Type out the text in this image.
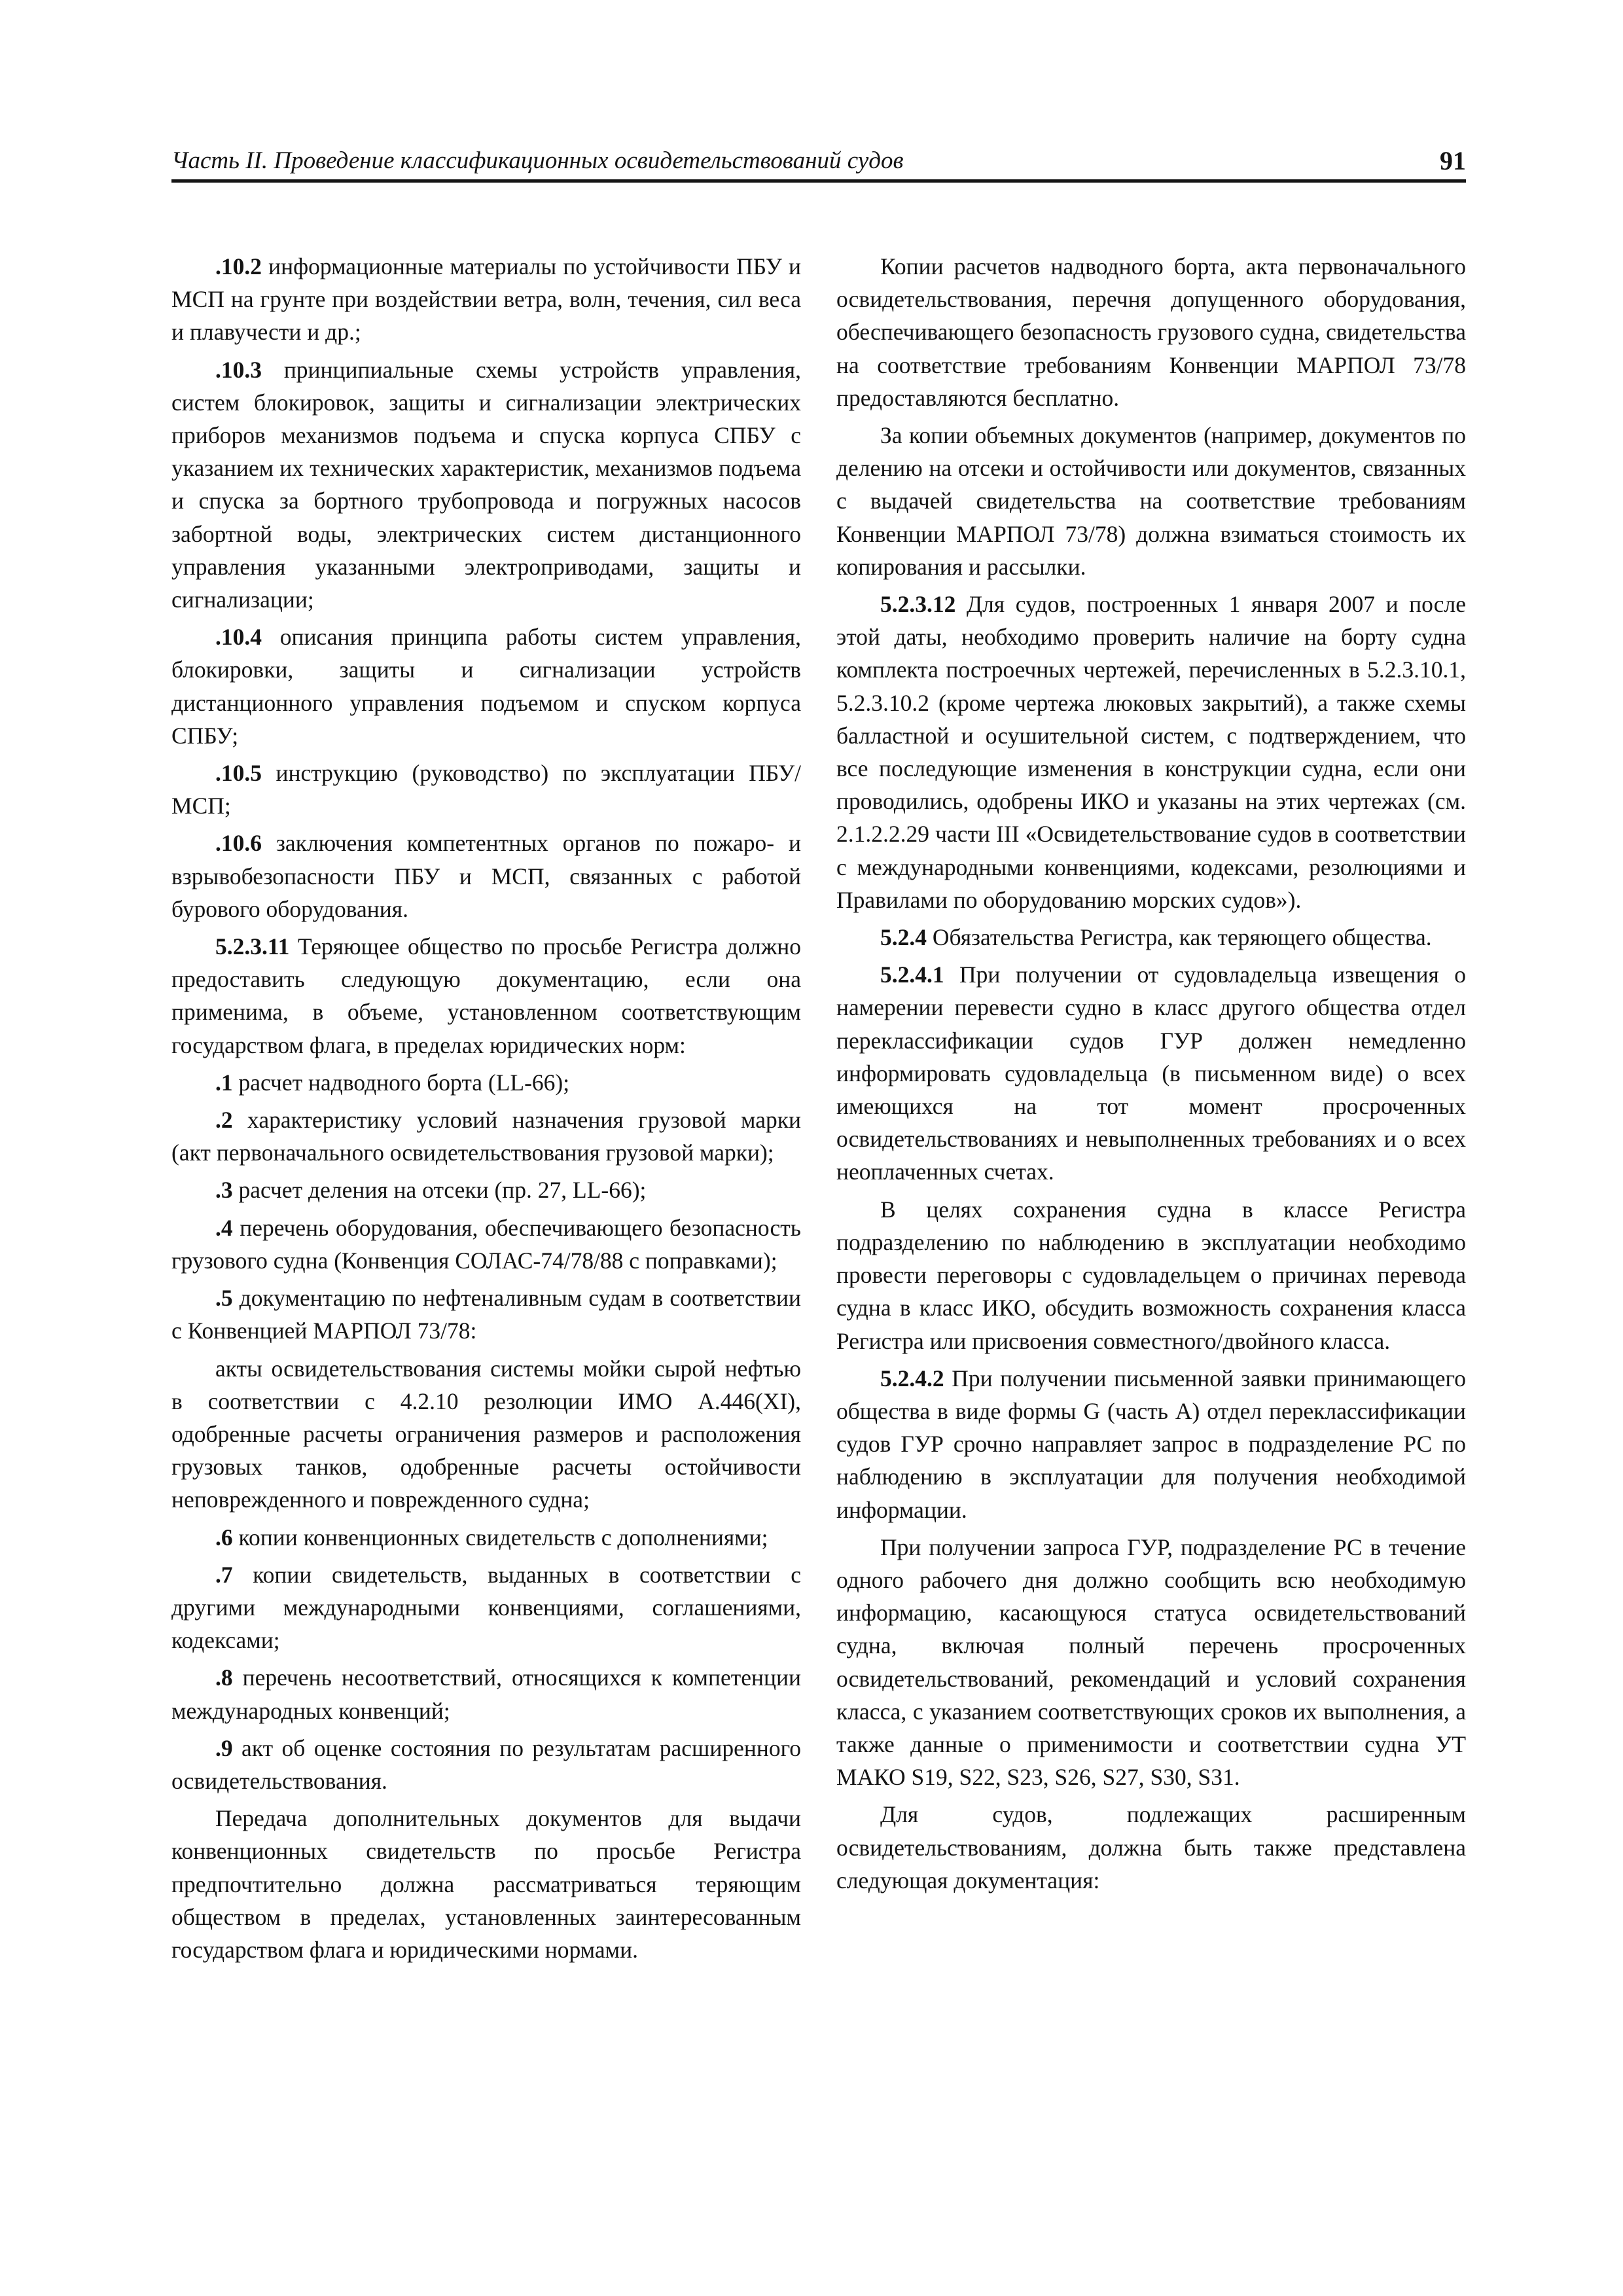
Часть II. Проведение классификационных освидетельствований судов	91

.10.2 информационные материалы по устойчивости ПБУ и МСП на грунте при воздействии ветра, волн, течения, сил веса и плавучести и др.;

.10.3 принципиальные схемы устройств управления, систем блокировок, защиты и сигнализации электрических приборов механизмов подъема и спуска корпуса СПБУ с указанием их технических характеристик, механизмов подъема и спуска за бортного трубопровода и погружных насосов забортной воды, электрических систем дистанционного управления указанными электроприводами, защиты и сигнализации;

.10.4 описания принципа работы систем управления, блокировки, защиты и сигнализации устройств дистанционного управления подъемом и спуском корпуса СПБУ;

.10.5 инструкцию (руководство) по эксплуатации ПБУ/МСП;

.10.6 заключения компетентных органов по пожаро- и взрывобезопасности ПБУ и МСП, связанных с работой бурового оборудования.

5.2.3.11 Теряющее общество по просьбе Регистра должно предоставить следующую документацию, если она применима, в объеме, установленном соответствующим государством флага, в пределах юридических норм:

.1 расчет надводного борта (LL-66);

.2 характеристику условий назначения грузовой марки (акт первоначального освидетельствования грузовой марки);

.3 расчет деления на отсеки (пр. 27, LL-66);

.4 перечень оборудования, обеспечивающего безопасность грузового судна (Конвенция СОЛАС-74/78/88 с поправками);

.5 документацию по нефтеналивным судам в соответствии с Конвенцией МАРПОЛ 73/78:

акты освидетельствования системы мойки сырой нефтью в соответствии с 4.2.10 резолюции ИМО А.446(XI), одобренные расчеты ограничения размеров и расположения грузовых танков, одобренные расчеты остойчивости неповрежденного и поврежденного судна;

.6 копии конвенционных свидетельств с дополнениями;

.7 копии свидетельств, выданных в соответствии с другими международными конвенциями, соглашениями, кодексами;

.8 перечень несоответствий, относящихся к компетенции международных конвенций;

.9 акт об оценке состояния по результатам расширенного освидетельствования.

Передача дополнительных документов для выдачи конвенционных свидетельств по просьбе Регистра предпочтительно должна рассматриваться теряющим обществом в пределах, установленных заинтересованным государством флага и юридическими нормами.

Копии расчетов надводного борта, акта первоначального освидетельствования, перечня допущенного оборудования, обеспечивающего безопасность грузового судна, свидетельства на соответствие требованиям Конвенции МАРПОЛ 73/78 предоставляются бесплатно.

За копии объемных документов (например, документов по делению на отсеки и остойчивости или документов, связанных с выдачей свидетельства на соответствие требованиям Конвенции МАРПОЛ 73/78) должна взиматься стоимость их копирования и рассылки.

5.2.3.12 Для судов, построенных 1 января 2007 и после этой даты, необходимо проверить наличие на борту судна комплекта построечных чертежей, перечисленных в 5.2.3.10.1, 5.2.3.10.2 (кроме чертежа люковых закрытий), а также схемы балластной и осушительной систем, с подтверждением, что все последующие изменения в конструкции судна, если они проводились, одобрены ИКО и указаны на этих чертежах (см. 2.1.2.2.29 части III «Освидетельствование судов в соответствии с международными конвенциями, кодексами, резолюциями и Правилами по оборудованию морских судов»).

5.2.4 Обязательства Регистра, как теряющего общества.

5.2.4.1 При получении от судовладельца извещения о намерении перевести судно в класс другого общества отдел переклассификации судов ГУР должен немедленно информировать судовладельца (в письменном виде) о всех имеющихся на тот момент просроченных освидетельствованиях и невыполненных требованиях и о всех неоплаченных счетах.

В целях сохранения судна в классе Регистра подразделению по наблюдению в эксплуатации необходимо провести переговоры с судовладельцем о причинах перевода судна в класс ИКО, обсудить возможность сохранения класса Регистра или присвоения совместного/двойного класса.

5.2.4.2 При получении письменной заявки принимающего общества в виде формы G (часть А) отдел переклассификации судов ГУР срочно направляет запрос в подразделение РС по наблюдению в эксплуатации для получения необходимой информации.

При получении запроса ГУР, подразделение РС в течение одного рабочего дня должно сообщить всю необходимую информацию, касающуюся статуса освидетельствований судна, включая полный перечень просроченных освидетельствований, рекомендаций и условий сохранения класса, с указанием соответствующих сроков их выполнения, а также данные о применимости и соответствии судна УТ МАКО S19, S22, S23, S26, S27, S30, S31.

Для судов, подлежащих расширенным освидетельствованиям, должна быть также представлена следующая документация:
